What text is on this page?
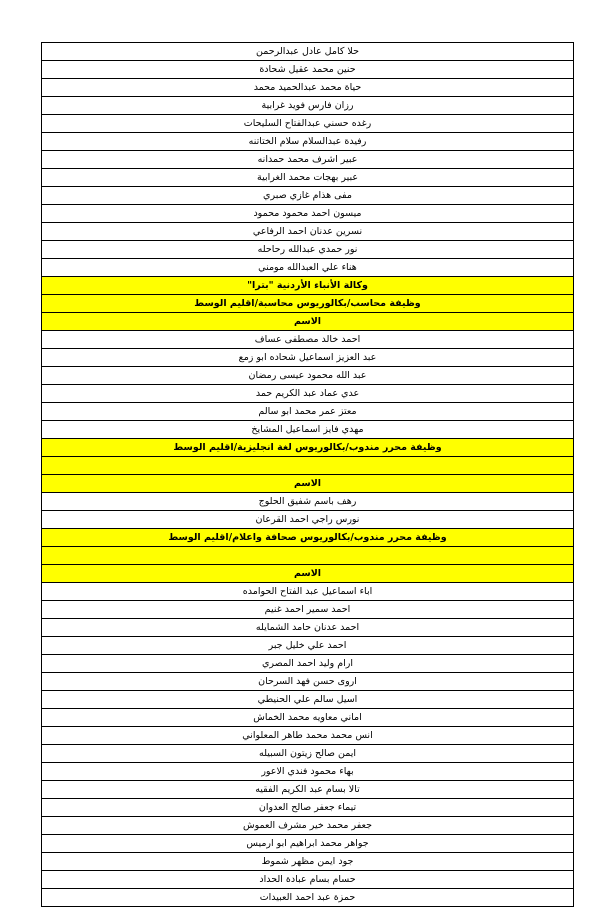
حلا كامل عادل عبدالرحمن
حنين محمد عقيل شحادة
حياة محمد عبدالحميد محمد
رزان فارس فويد غرابية
رغده حسني عبدالفتاح السليحات
رفيدة عبدالسلام سلام الختاتنه
عبير اشرف محمد حمدانه
عبير بهجات محمد الغرابية
مفى هذام غازي صبري
ميسون احمد محمود محمود
نسرين عدنان احمد الرفاعي
نور حمدي عبدالله رحاحله
هناء علي العبدالله مومني
وكالة الأنباء الأردنية "بترا"
وظيفة محاسب/بكالوريوس محاسبة/اقليم الوسط
الاسم
احمد خالد مصطفى عساف
عبد العزيز اسماعيل شحاده ابو زمع
عبد الله محمود عيسى رمضان
عدي عماد عبد الكريم حمد
معتز عمر محمد ابو سالم
مهدي فايز اسماعيل المشايخ
وظيفة محرر مندوب/بكالوريوس لغة انجليزية/اقليم الوسط

الاسم
رهف باسم شفيق الحلوج
نورس راجي احمد القرعان
وظيفة محرر مندوب/بكالوريوس صحافة واعلام/اقليم الوسط

الاسم
اباء اسماعيل عبد الفتاح الحوامده
احمد سمير احمد غنيم
احمد عدنان حامد الشمايله
احمد علي خليل جبر
ارام وليد احمد المصري
اروى حسن فهد السرحان
اسيل سالم علي الحنيطي
اماني معاويه محمد الخماش
انس محمد محمد طاهر المعلواني
ايمن صالح زيتون السبيله
بهاء محمود فندي الاعور
تالا بسام عبد الكريم الفقيه
تيماء جعفر صالح العدوان
جعفر محمد خير مشرف العموش
جواهر محمد ابراهيم ابو ارميس
جود ايمن مظهر شموط
حسام بسام عبادة الحداد
حمزة عبد احمد العبيدات
